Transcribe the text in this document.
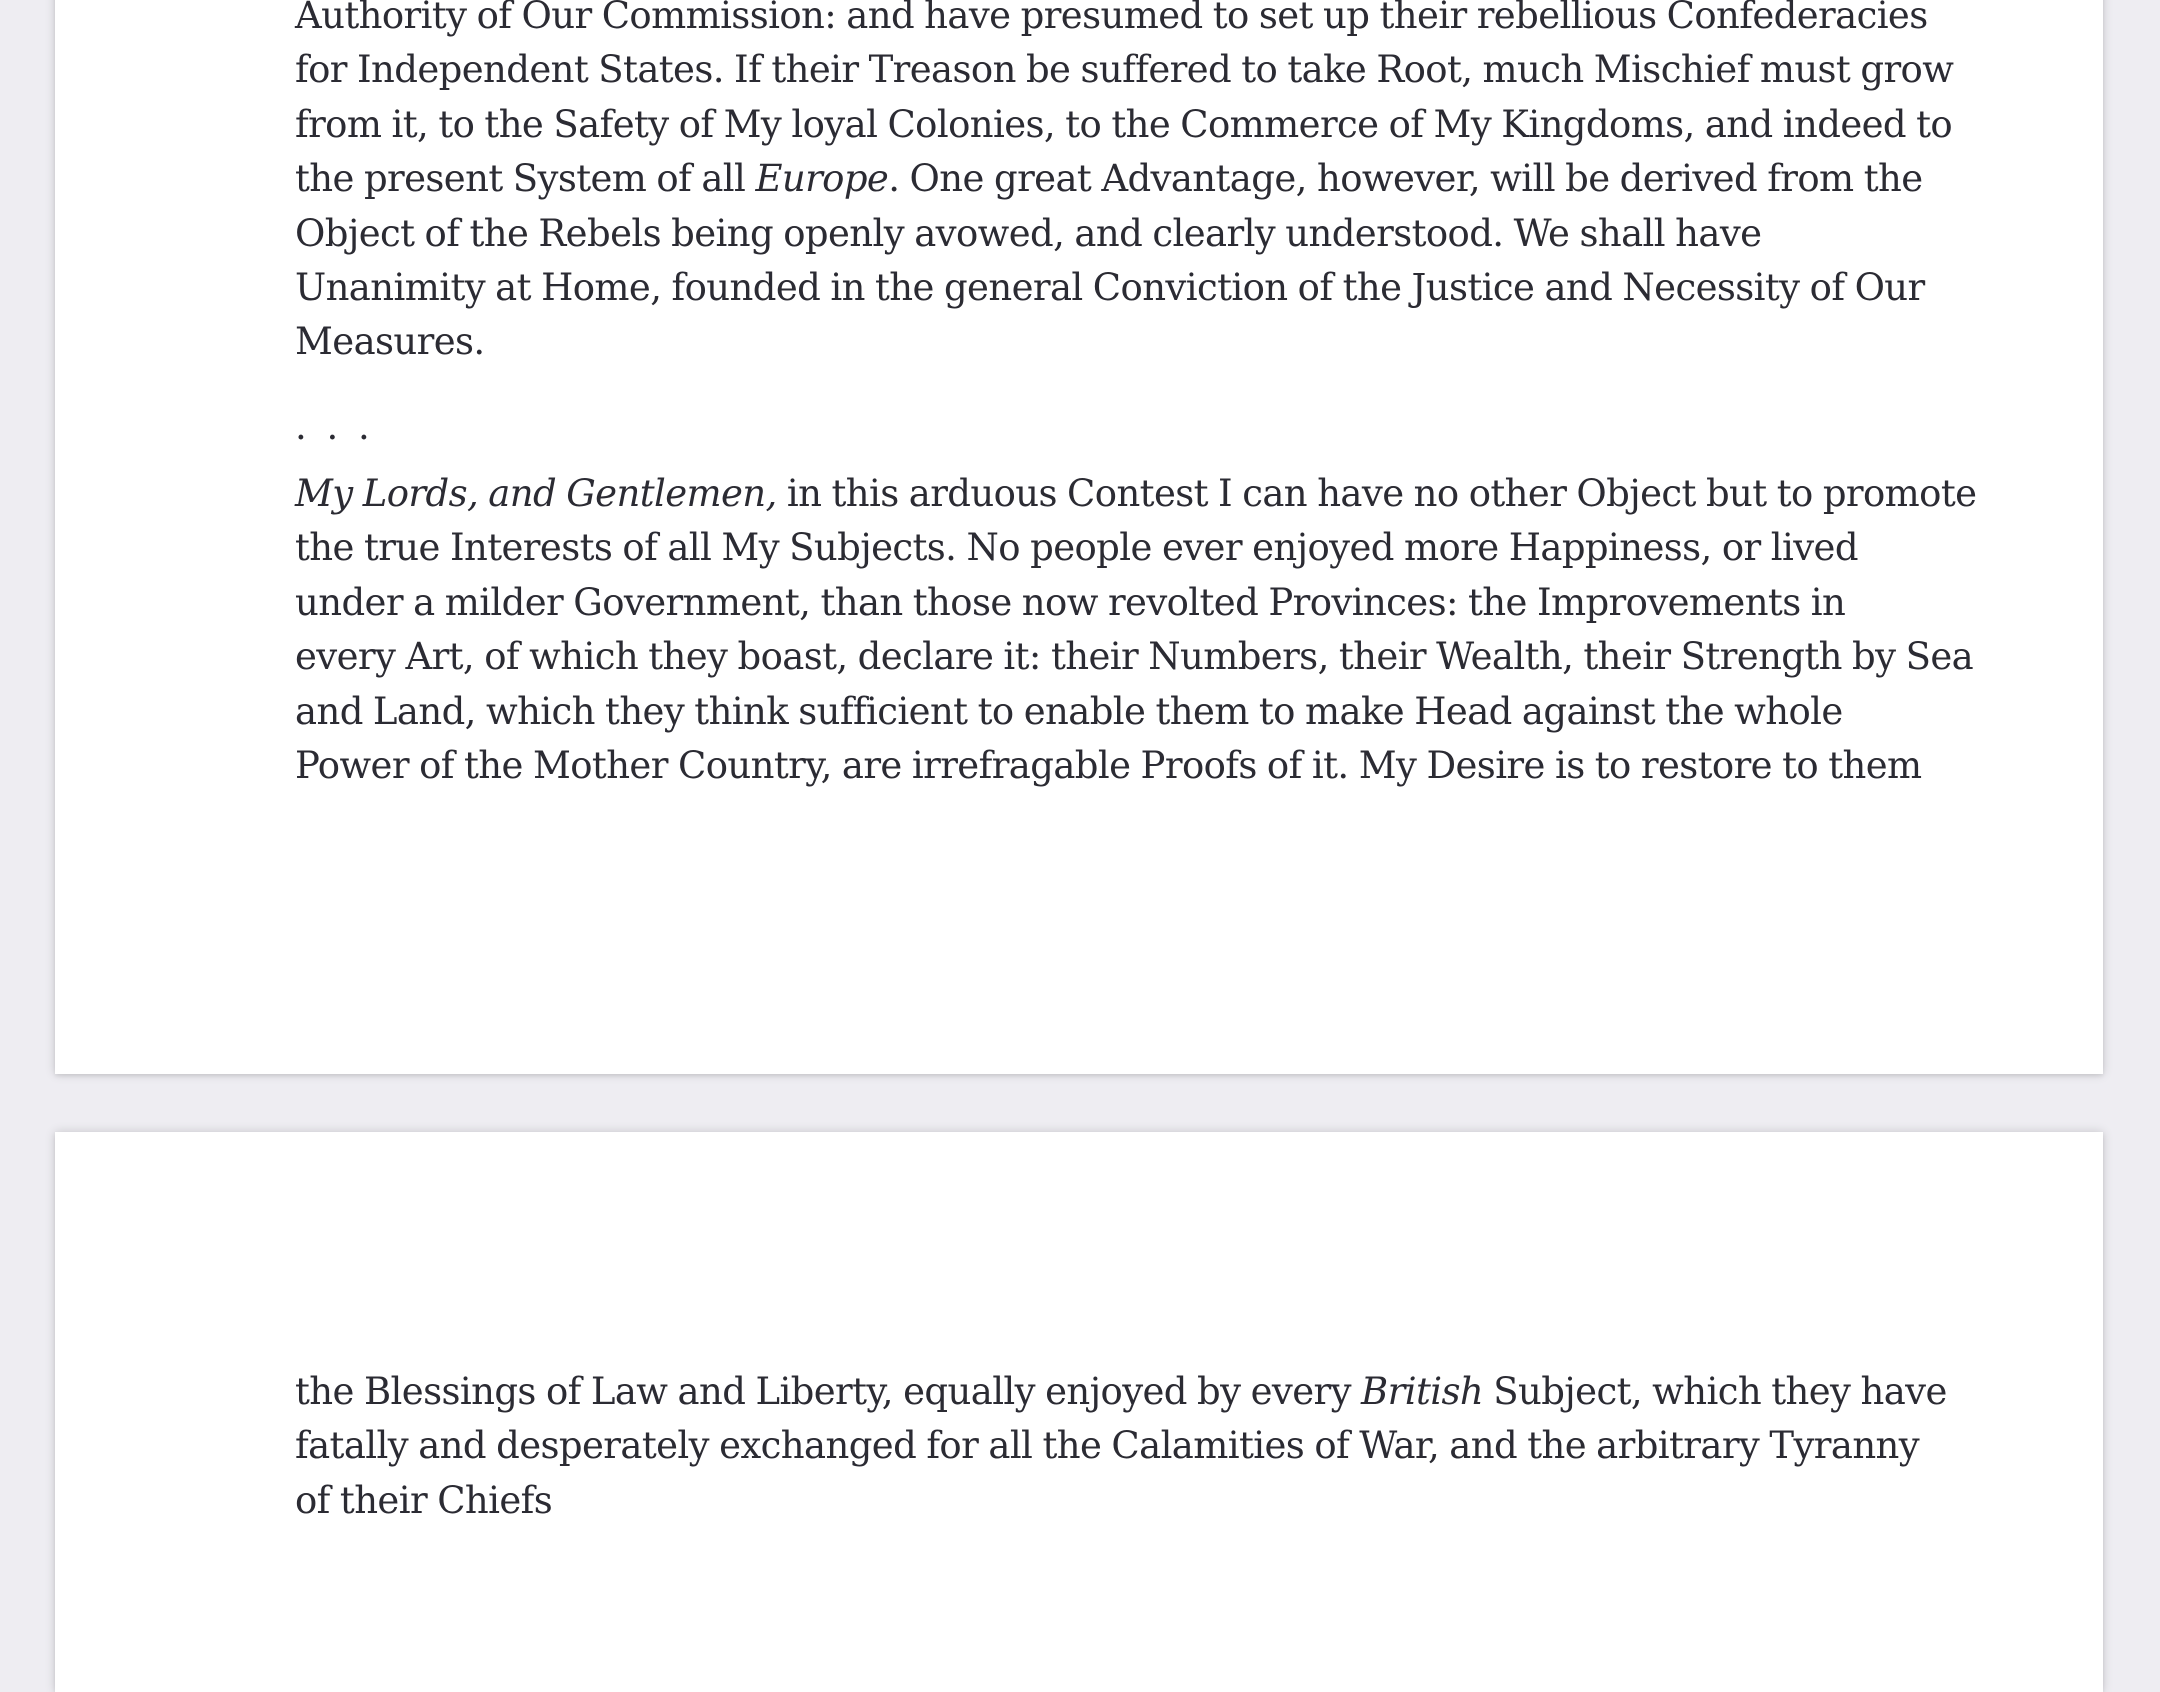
Authority of Our Commission: and have presumed to set up their rebellious Confederacies
for Independent States. If their Treason be suffered to take Root, much Mischief must grow
from it, to the Safety of My loyal Colonies, to the Commerce of My Kingdoms, and indeed to
the present System of all Europe. One great Advantage, however, will be derived from the
Object of the Rebels being openly avowed, and clearly understood. We shall have
Unanimity at Home, founded in the general Conviction of the Justice and Necessity of Our
Measures.
. . .
My Lords, and Gentlemen, in this arduous Contest I can have no other Object but to promote
the true Interests of all My Subjects. No people ever enjoyed more Happiness, or lived
under a milder Government, than those now revolted Provinces: the Improvements in
every Art, of which they boast, declare it: their Numbers, their Wealth, their Strength by Sea
and Land, which they think sufficient to enable them to make Head against the whole
Power of the Mother Country, are irrefragable Proofs of it. My Desire is to restore to them
the Blessings of Law and Liberty, equally enjoyed by every British Subject, which they have
fatally and desperately exchanged for all the Calamities of War, and the arbitrary Tyranny
of their Chiefs
